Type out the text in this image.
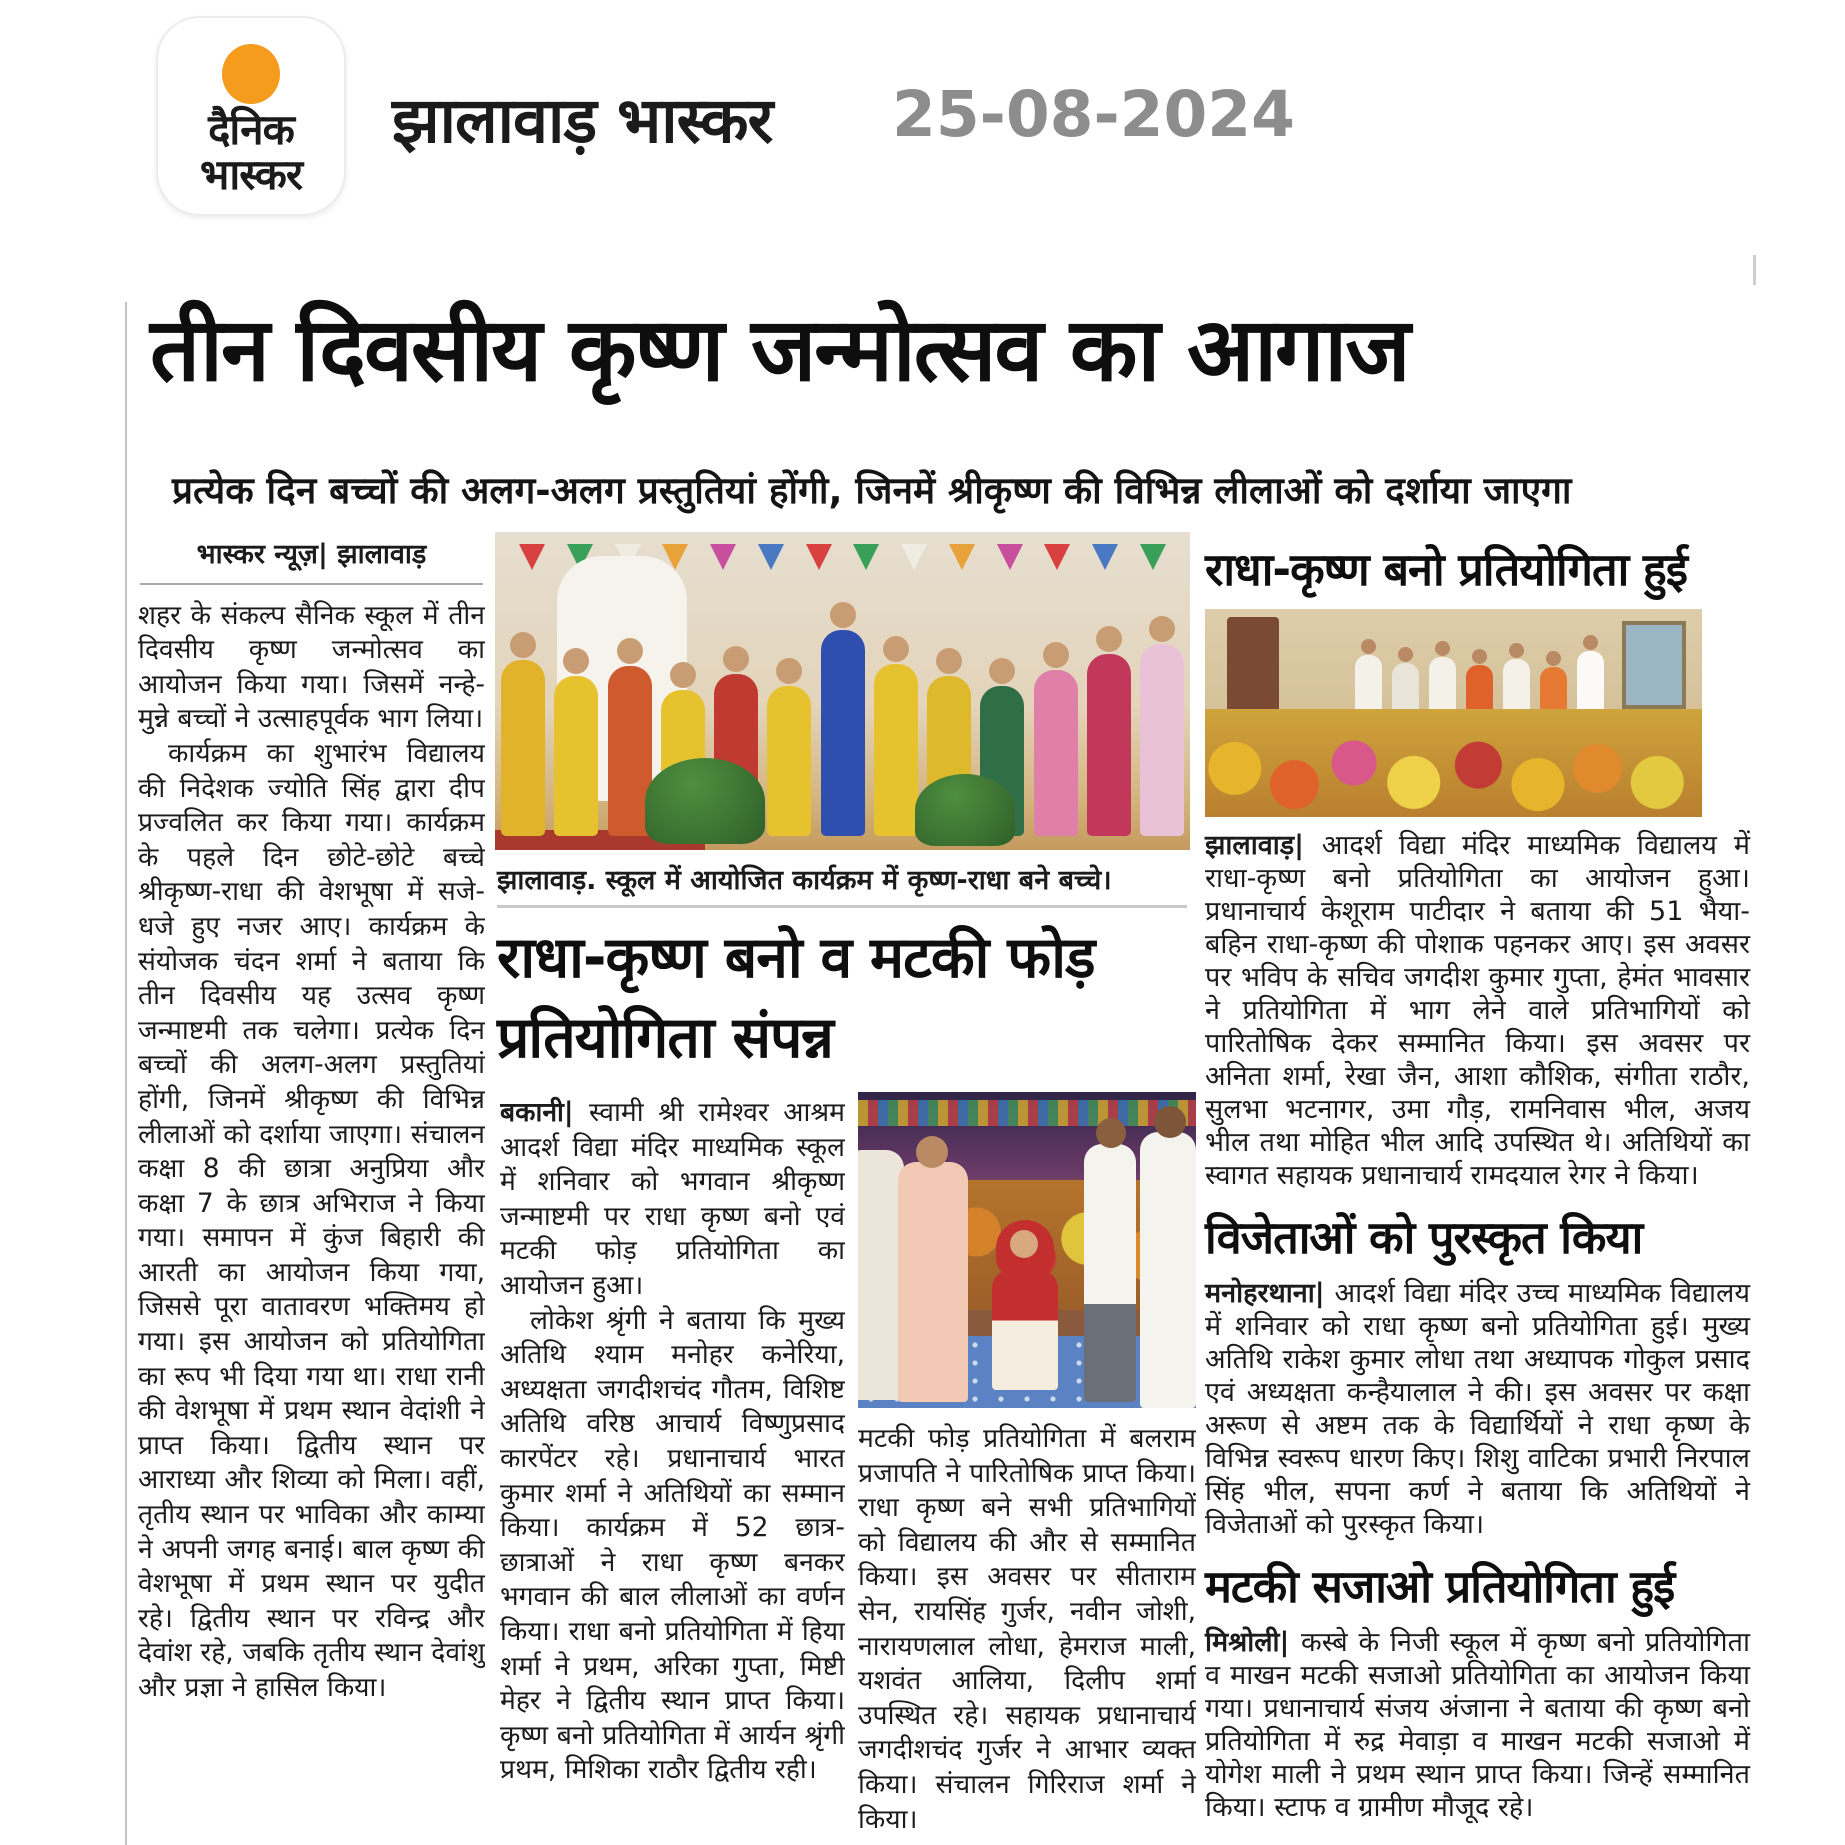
दैनिक
भास्कर
झालावाड़ भास्कर 25-08-2024
तीन दिवसीय कृष्ण जन्मोत्सव का आगाज
प्रत्येक दिन बच्चों की अलग-अलग प्रस्तुतियां होंगी, जिनमें श्रीकृष्ण की विभिन्न लीलाओं को दर्शाया जाएगा
भास्कर न्यूज़| झालावाड़

शहर के संकल्प सैनिक स्कूल में तीन दिवसीय कृष्ण जन्मोत्सव का आयोजन किया गया। जिसमें नन्हे-मुन्ने बच्चों ने उत्साहपूर्वक भाग लिया।

कार्यक्रम का शुभारंभ विद्यालय की निदेशक ज्योति सिंह द्वारा दीप प्रज्वलित कर किया गया। कार्यक्रम के पहले दिन छोटे-छोटे बच्चे श्रीकृष्ण-राधा की वेशभूषा में सजे-धजे हुए नजर आए। कार्यक्रम के संयोजक चंदन शर्मा ने बताया कि तीन दिवसीय यह उत्सव कृष्ण जन्माष्टमी तक चलेगा। प्रत्येक दिन बच्चों की अलग-अलग प्रस्तुतियां होंगी, जिनमें श्रीकृष्ण की विभिन्न लीलाओं को दर्शाया जाएगा। संचालन कक्षा 8 की छात्रा अनुप्रिया और कक्षा 7 के छात्र अभिराज ने किया गया। समापन में कुंज बिहारी की आरती का आयोजन किया गया, जिससे पूरा वातावरण भक्तिमय हो गया। इस आयोजन को प्रतियोगिता का रूप भी दिया गया था। राधा रानी की वेशभूषा में प्रथम स्थान वेदांशी ने प्राप्त किया। द्वितीय स्थान पर आराध्या और शिव्या को मिला। वहीं, तृतीय स्थान पर भाविका और काम्या ने अपनी जगह बनाई। बाल कृष्ण की वेशभूषा में प्रथम स्थान पर युदीत रहे। द्वितीय स्थान पर रविन्द्र और देवांश रहे, जबकि तृतीय स्थान देवांशु और प्रज्ञा ने हासिल किया।

झालावाड़. स्कूल में आयोजित कार्यक्रम में कृष्ण-राधा बने बच्चे।
राधा-कृष्ण बनो व मटकी फोड़ प्रतियोगिता संपन्न

बकानी| स्वामी श्री रामेश्वर आश्रम आदर्श विद्या मंदिर माध्यमिक स्कूल में शनिवार को भगवान श्रीकृष्ण जन्माष्टमी पर राधा कृष्ण बनो एवं मटकी फोड़ प्रतियोगिता का आयोजन हुआ।

लोकेश श्रृंगी ने बताया कि मुख्य अतिथि श्याम मनोहर कनेरिया, अध्यक्षता जगदीशचंद गौतम, विशिष्ट अतिथि वरिष्ठ आचार्य विष्णुप्रसाद कारपेंटर रहे। प्रधानाचार्य भारत कुमार शर्मा ने अतिथियों का सम्मान किया। कार्यक्रम में 52 छात्र-छात्राओं ने राधा कृष्ण बनकर भगवान की बाल लीलाओं का वर्णन किया। राधा बनो प्रतियोगिता में हिया शर्मा ने प्रथम, अरिका गुप्ता, मिष्टी मेहर ने द्वितीय स्थान प्राप्त किया। कृष्ण बनो प्रतियोगिता में आर्यन श्रृंगी प्रथम, मिशिका राठौर द्वितीय रही।

मटकी फोड़ प्रतियोगिता में बलराम प्रजापति ने पारितोषिक प्राप्त किया। राधा कृष्ण बने सभी प्रतिभागियों को विद्यालय की और से सम्मानित किया। इस अवसर पर सीताराम सेन, रायसिंह गुर्जर, नवीन जोशी, नारायणलाल लोधा, हेमराज माली, यशवंत आलिया, दिलीप शर्मा उपस्थित रहे। सहायक प्रधानाचार्य जगदीशचंद गुर्जर ने आभार व्यक्त किया। संचालन गिरिराज शर्मा ने किया।

राधा-कृष्ण बनो प्रतियोगिता हुई

झालावाड़| आदर्श विद्या मंदिर माध्यमिक विद्यालय में राधा-कृष्ण बनो प्रतियोगिता का आयोजन हुआ। प्रधानाचार्य केशूराम पाटीदार ने बताया की 51 भैया-बहिन राधा-कृष्ण की पोशाक पहनकर आए। इस अवसर पर भविप के सचिव जगदीश कुमार गुप्ता, हेमंत भावसार ने प्रतियोगिता में भाग लेने वाले प्रतिभागियों को पारितोषिक देकर सम्मानित किया। इस अवसर पर अनिता शर्मा, रेखा जैन, आशा कौशिक, संगीता राठौर, सुलभा भटनागर, उमा गौड़, रामनिवास भील, अजय भील तथा मोहित भील आदि उपस्थित थे। अतिथियों का स्वागत सहायक प्रधानाचार्य रामदयाल रेगर ने किया।

विजेताओं को पुरस्कृत किया

मनोहरथाना| आदर्श विद्या मंदिर उच्च माध्यमिक विद्यालय में शनिवार को राधा कृष्ण बनो प्रतियोगिता हुई। मुख्य अतिथि राकेश कुमार लोधा तथा अध्यापक गोकुल प्रसाद एवं अध्यक्षता कन्हैयालाल ने की। इस अवसर पर कक्षा अरूण से अष्टम तक के विद्यार्थियों ने राधा कृष्ण के विभिन्न स्वरूप धारण किए। शिशु वाटिका प्रभारी निरपाल सिंह भील, सपना कर्ण ने बताया कि अतिथियों ने विजेताओं को पुरस्कृत किया।

मटकी सजाओ प्रतियोगिता हुई

मिश्रोली| कस्बे के निजी स्कूल में कृष्ण बनो प्रतियोगिता व माखन मटकी सजाओ प्रतियोगिता का आयोजन किया गया। प्रधानाचार्य संजय अंजाना ने बताया की कृष्ण बनो प्रतियोगिता में रुद्र मेवाड़ा व माखन मटकी सजाओ में योगेश माली ने प्रथम स्थान प्राप्त किया। जिन्हें सम्मानित किया। स्टाफ व ग्रामीण मौजूद रहे।
